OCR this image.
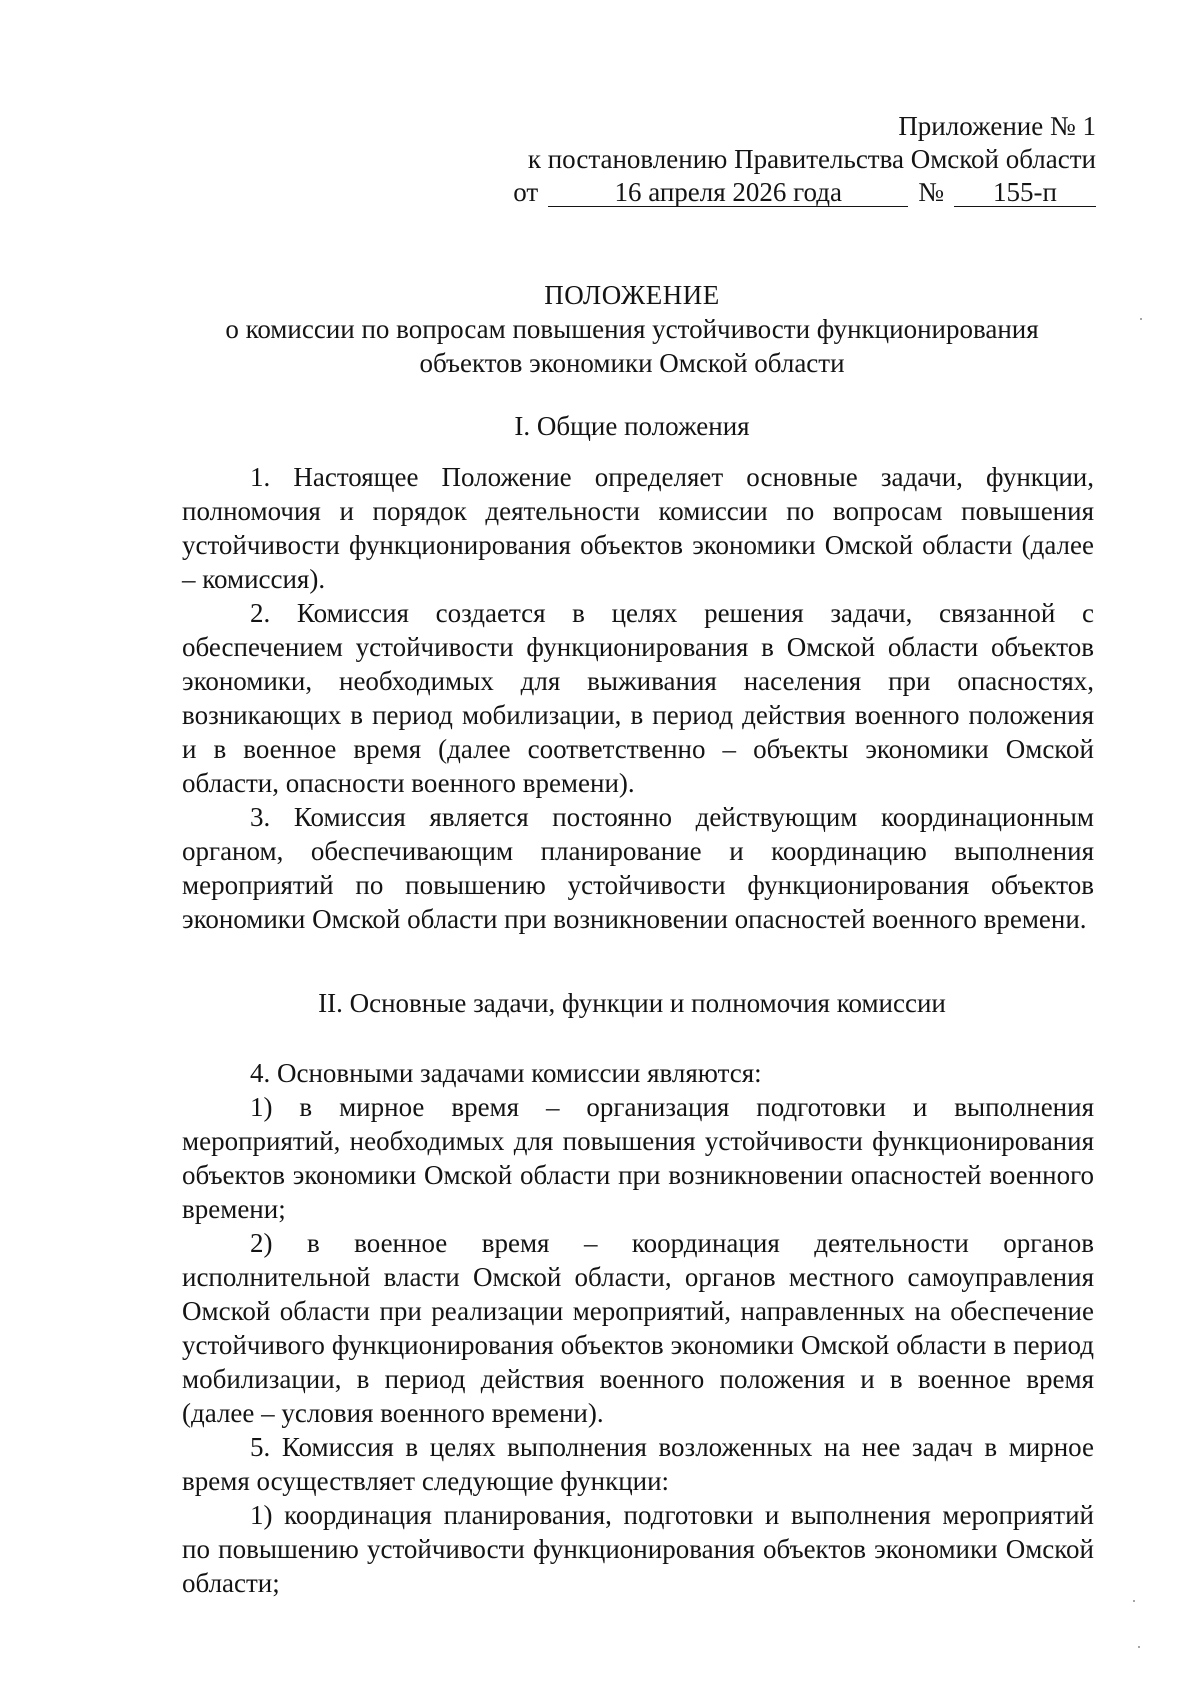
Приложение № 1
к постановлению Правительства Омской области
от	16 апреля 2026 года	№ 155-п
ПОЛОЖЕНИЕ
о комиссии по вопросам повышения устойчивости функционирования
объектов экономики Омской области
I. Общие положения

1. Настоящее Положение определяет основные задачи, функции, полномочия и порядок деятельности комиссии по вопросам повышения устойчивости функционирования объектов экономики Омской области (далее – комиссия).

2. Комиссия создается в целях решения задачи, связанной с обеспечением устойчивости функционирования в Омской области объектов экономики, необходимых для выживания населения при опасностях, возникающих в период мобилизации, в период действия военного положения и в военное время (далее соответственно – объекты экономики Омской области, опасности военного времени).

3. Комиссия является постоянно действующим координационным органом, обеспечивающим планирование и координацию выполнения мероприятий по повышению устойчивости функционирования объектов экономики Омской области при возникновении опасностей военного времени.

II. Основные задачи, функции и полномочия комиссии

4. Основными задачами комиссии являются:

1) в мирное время – организация подготовки и выполнения мероприятий, необходимых для повышения устойчивости функционирования объектов экономики Омской области при возникновении опасностей военного времени;

2) в военное время – координация деятельности органов исполнительной власти Омской области, органов местного самоуправления Омской области при реализации мероприятий, направленных на обеспечение устойчивого функционирования объектов экономики Омской области в период мобилизации, в период действия военного положения и в военное время (далее – условия военного времени).

5. Комиссия в целях выполнения возложенных на нее задач в мирное время осуществляет следующие функции:

1) координация планирования, подготовки и выполнения мероприятий по повышению устойчивости функционирования объектов экономики Омской области;
